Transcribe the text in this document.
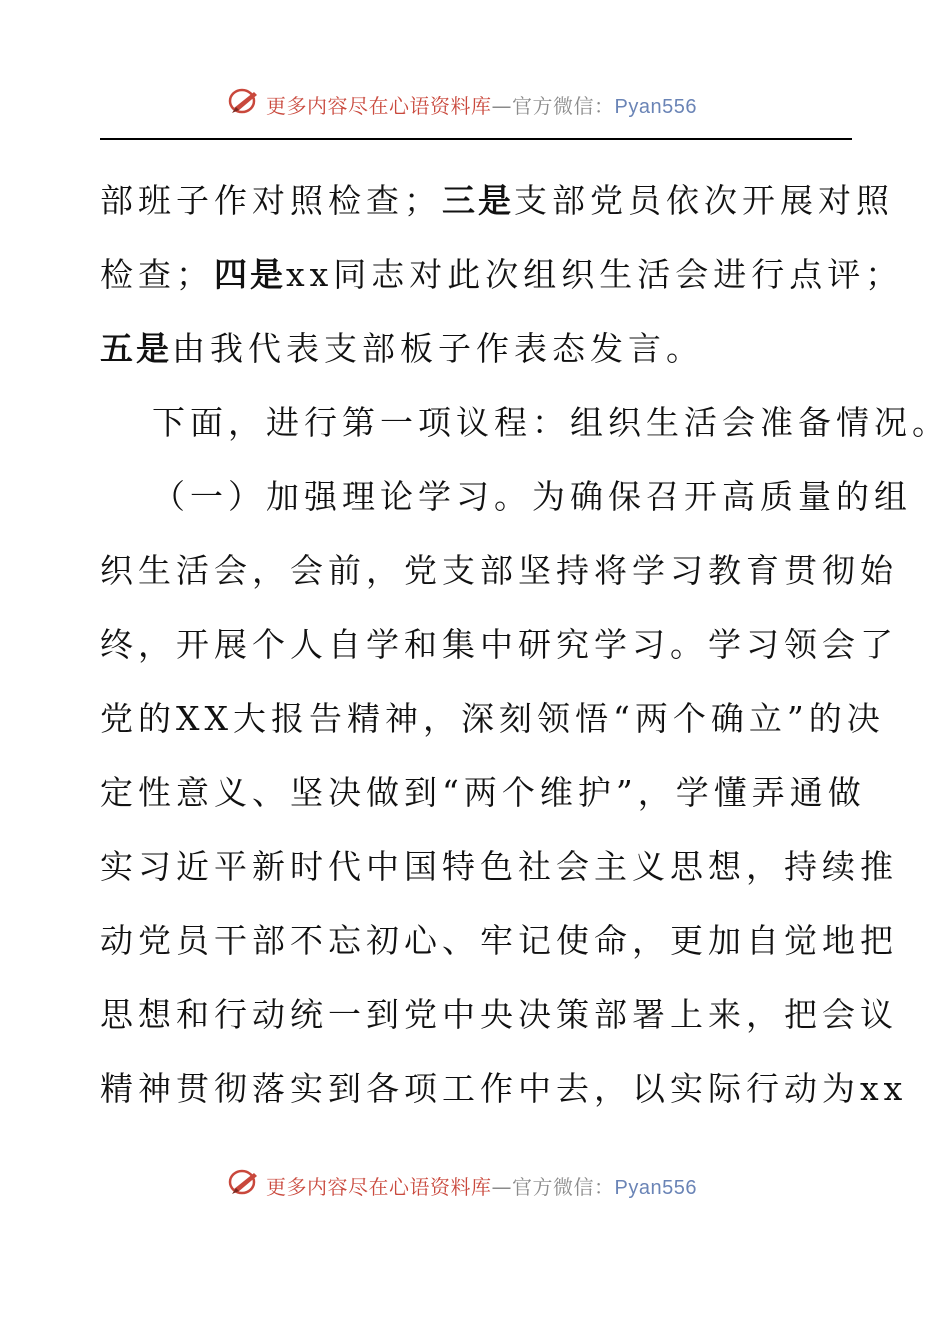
更多内容尽在心语资料库—官方微信：Pyan556
部班子作对照检查；三是支部党员依次开展对照
检查；四是xx同志对此次组织生活会进行点评；
五是由我代表支部板子作表态发言。
下面，进行第一项议程：组织生活会准备情况。
（一）加强理论学习。为确保召开高质量的组
织生活会，会前，党支部坚持将学习教育贯彻始
终，开展个人自学和集中研究学习。学习领会了
党的XX大报告精神，深刻领悟“两个确立”的决
定性意义、坚决做到“两个维护”，学懂弄通做
实习近平新时代中国特色社会主义思想，持续推
动党员干部不忘初心、牢记使命，更加自觉地把
思想和行动统一到党中央决策部署上来，把会议
精神贯彻落实到各项工作中去，以实际行动为xx
更多内容尽在心语资料库—官方微信：Pyan556
